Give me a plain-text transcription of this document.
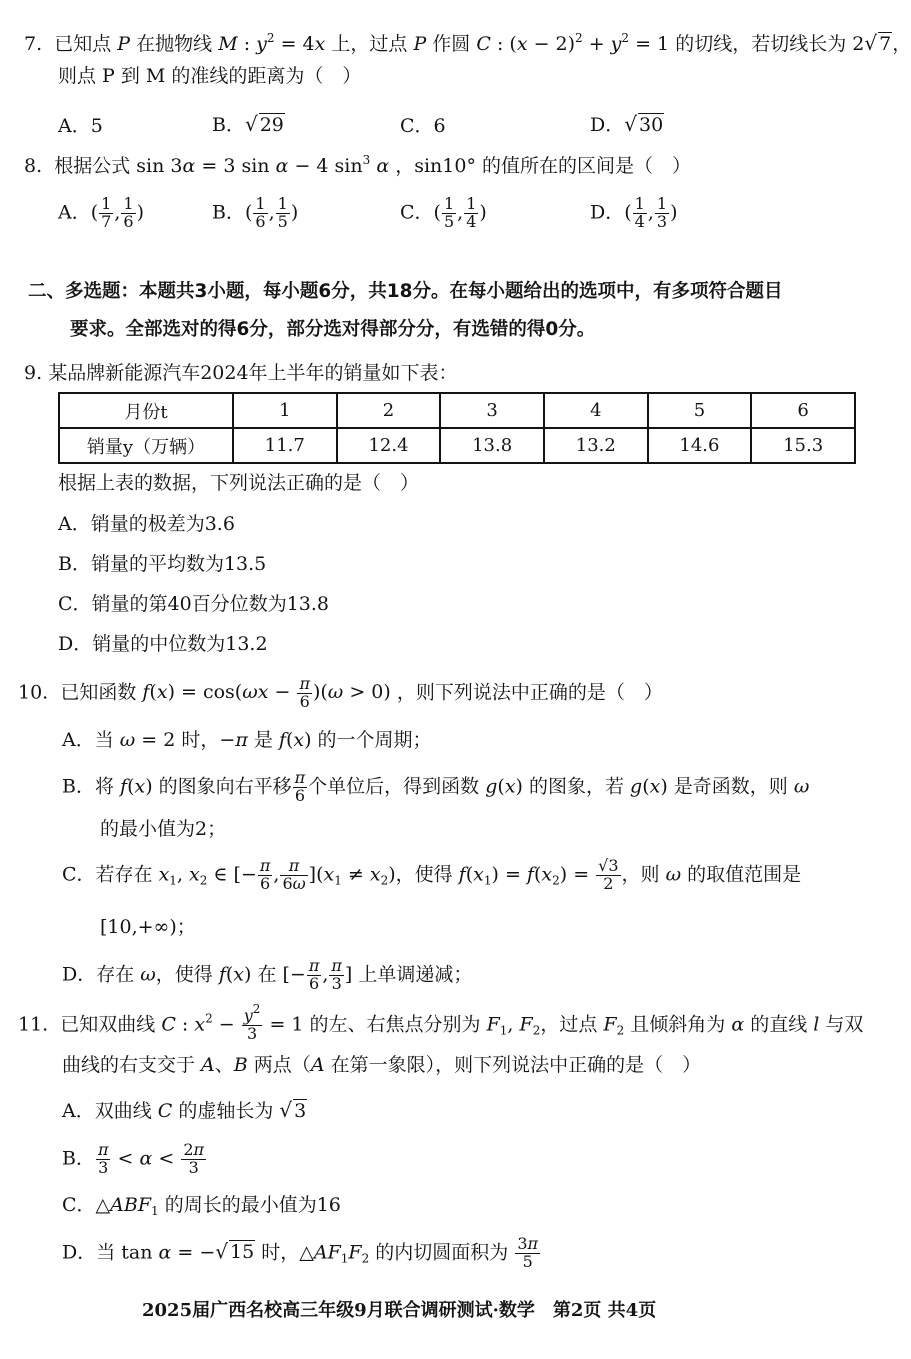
7. 已知点 P 在抛物线 M : $y^2 = 4x$ 上，过点 P 作圆 C : $(x - 2)^2 + y^2 = 1$ 的切线，若切线长为 2√ 7，
则点 P 到 M 的准线的距离为（　）
A．5	B．√ 29	C．6	D．√ 30
8. 根据公式 sin 3α = 3 sin α − 4 $\sin^3 \alpha$ ，sin10° 的值所在的区间是（　）
A．( $\frac{1}{7}$ , $\frac{1}{6}$ )	B．( $\frac{1}{6}$ , $\frac{1}{5}$ )	C．( $\frac{1}{5}$ , $\frac{1}{4}$ )	D．( $\frac{1}{4}$ , $\frac{1}{3}$ )
二、多选题：本题共3小题，每小题6分，共18分。在每小题给出的选项中，有多项符合题目
要求。全部选对的得6分，部分选对得部分分，有选错的得0分。
9. 某品牌新能源汽车2024年上半年的销量如下表：
月份t	1	2	3	4	5	6
销量y（万辆）	11.7	12.4	13.8	13.2	14.6	15.3
根据上表的数据，下列说法正确的是（　）
A．销量的极差为3.6
B．销量的平均数为13.5
C．销量的第40百分位数为13.8
D．销量的中位数为13.2
10. 已知函数 $f(x) = \cos(\omega x - \frac{\pi}{6} )(\omega > 0)$ ，则下列说法中正确的是（　）
A．当 ω = 2 时，−π 是 f(x) 的一个周期；
B．将 f(x) 的图象向右平移 $\frac{\pi}{6}$ 个单位后，得到函数 g(x) 的图象，若 g(x) 是奇函数，则 ω
的最小值为2；
C．若存在 $x_1$, $x_2$ ∈ [− $\frac{\pi}{6}$ , $\frac{\pi}{6\omega} ](x_1 \ne x_2)$，使得 $f(x_1) = f(x_2) = \frac{√3}{2}$ ，则 ω 的取值范围是
[10,+∞)；
D．存在 ω，使得 f(x) 在 [− $\frac{\pi}{6}$ , $\frac{\pi}{3}$ ] 上单调递减；
11.  已知双曲线 C : $x^2 - \frac{y^2}{3} = 1$ 的左、右焦点分别为 $F_1$, $F_2$，过点 $F_2$ 且倾斜角为 α 的直线 l 与双
曲线的右支交于 A、B 两点（A 在第一象限），则下列说法中正确的是（　）
A．双曲线 C 的虚轴长为 √ 3
B． $\frac{\pi}{3} < \alpha < \frac{2\pi}{3}$
C．$\triangle ABF_1$ 的周长的最小值为16
D．当 tan α = −√ 15 时，$\triangle AF_1F_2$ 的内切圆面积为 $\frac{3\pi}{5}$
2025届广西名校高三年级9月联合调研测试·数学　第2页 共4页
